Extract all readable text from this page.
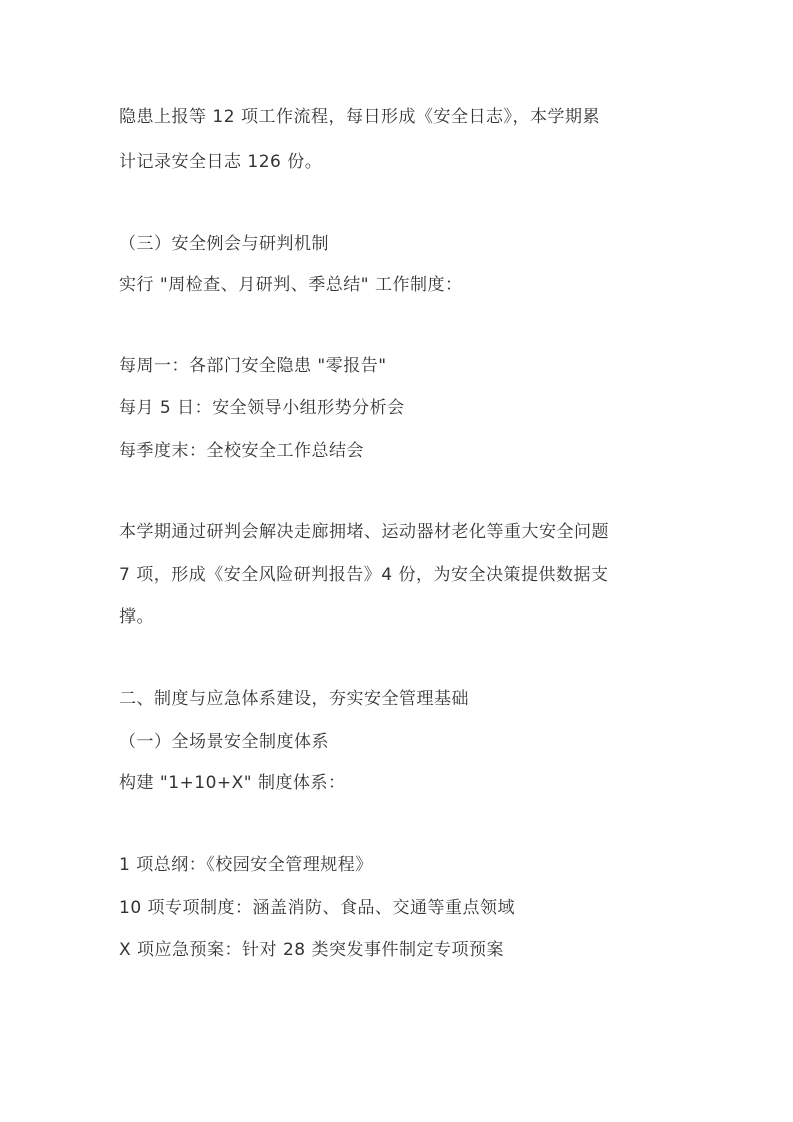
隐患上报等 12 项工作流程，每日形成《安全日志》，本学期累
计记录安全日志 126 份。
（三）安全例会与研判机制
实行 "周检查、月研判、季总结" 工作制度：
每周一：各部门安全隐患 "零报告"
每月 5 日：安全领导小组形势分析会
每季度末：全校安全工作总结会
本学期通过研判会解决走廊拥堵、运动器材老化等重大安全问题
7 项，形成《安全风险研判报告》4 份，为安全决策提供数据支
撑。
二、制度与应急体系建设，夯实安全管理基础
（一）全场景安全制度体系
构建 "1+10+X" 制度体系：
1 项总纲：《校园安全管理规程》
10 项专项制度：涵盖消防、食品、交通等重点领域
X 项应急预案：针对 28 类突发事件制定专项预案
